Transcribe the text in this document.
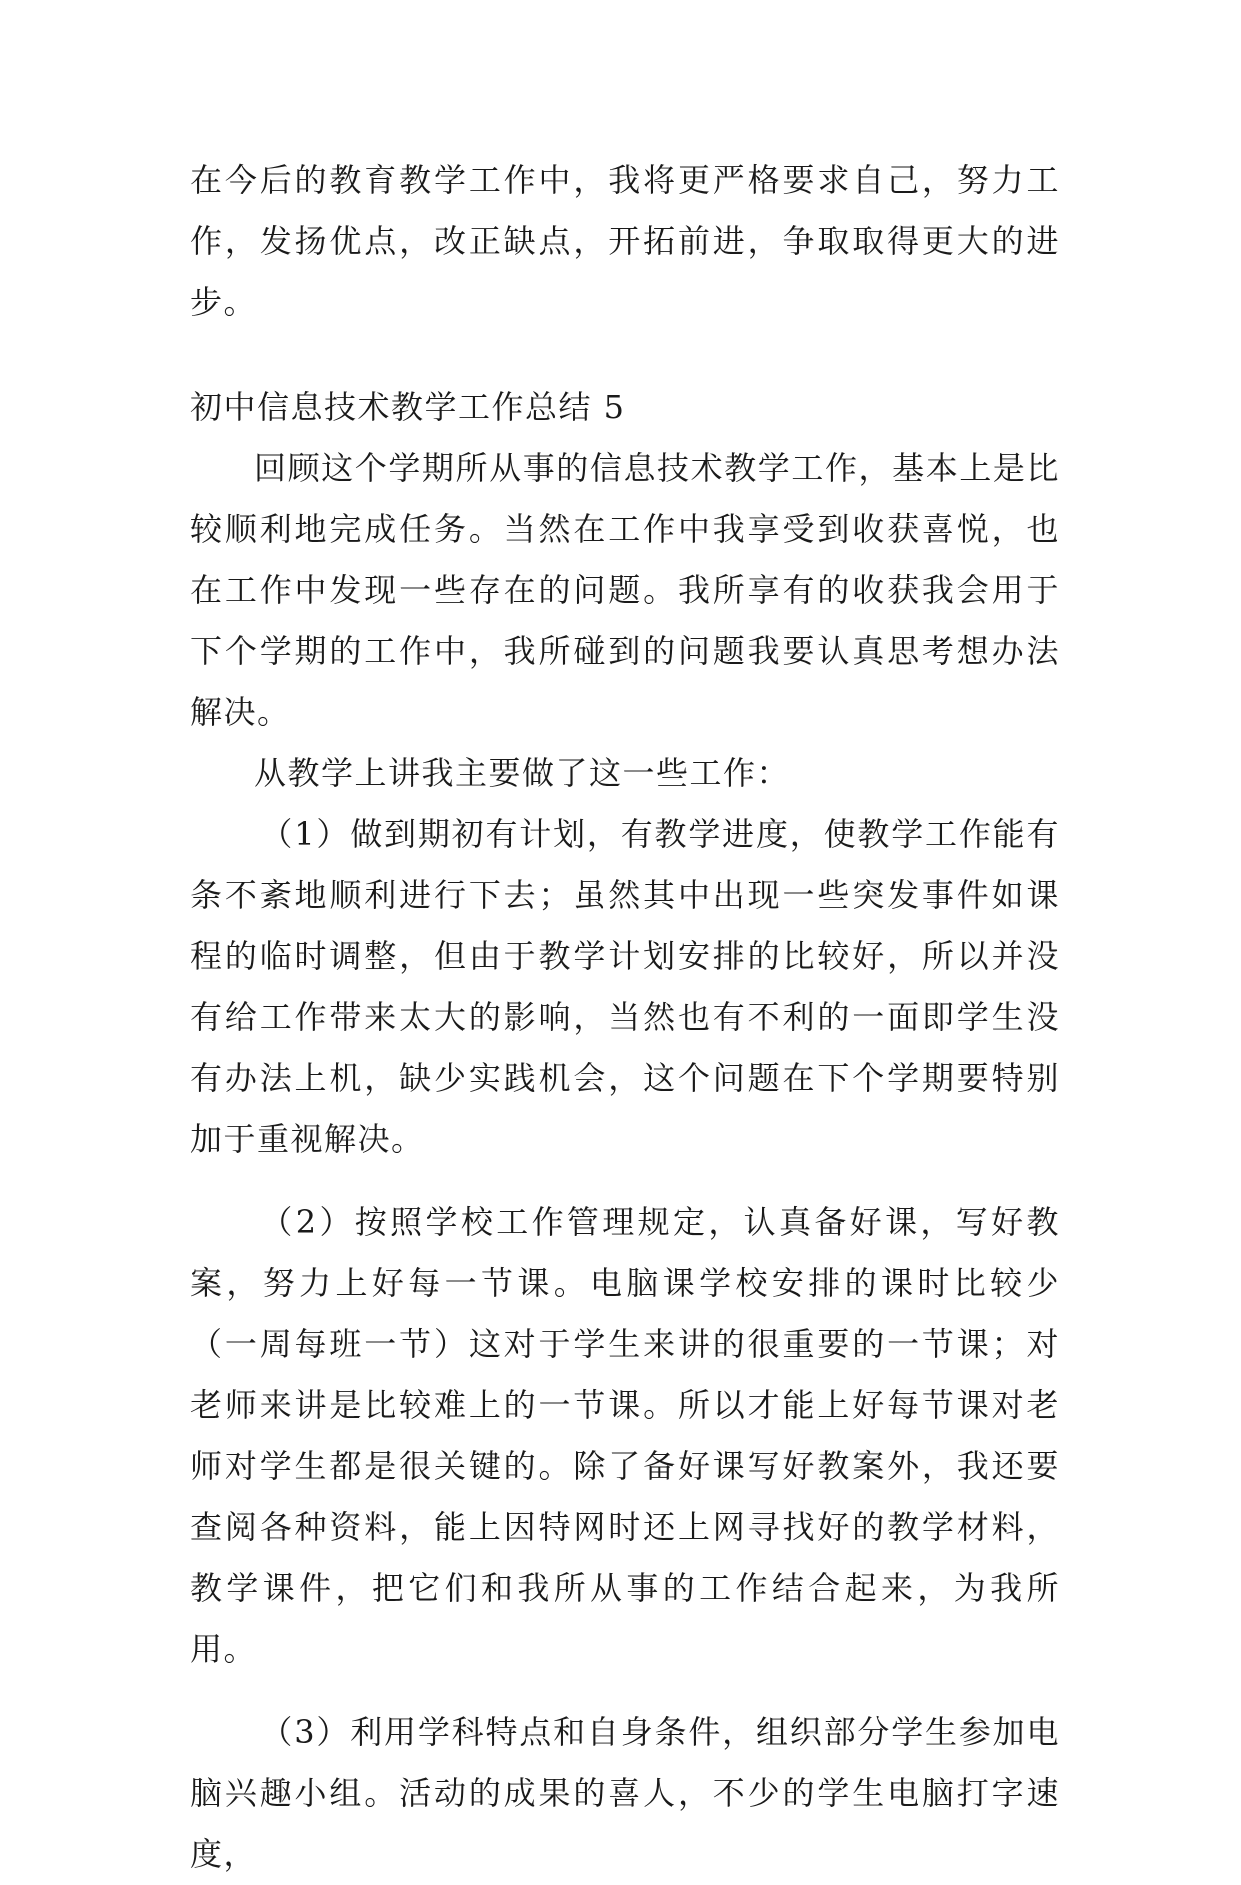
在今后的教育教学工作中，我将更严格要求自己，努力工作，发扬优点，改正缺点，开拓前进，争取取得更大的进步。

初中信息技术教学工作总结 5

回顾这个学期所从事的信息技术教学工作，基本上是比较顺利地完成任务。当然在工作中我享受到收获喜悦，也在工作中发现一些存在的问题。我所享有的收获我会用于下个学期的工作中，我所碰到的问题我要认真思考想办法解决。

从教学上讲我主要做了这一些工作：

（1）做到期初有计划，有教学进度，使教学工作能有条不紊地顺利进行下去；虽然其中出现一些突发事件如课程的临时调整，但由于教学计划安排的比较好，所以并没有给工作带来太大的影响，当然也有不利的一面即学生没有办法上机，缺少实践机会，这个问题在下个学期要特别加于重视解决。

（2）按照学校工作管理规定，认真备好课，写好教案，努力上好每一节课。电脑课学校安排的课时比较少（一周每班一节）这对于学生来讲的很重要的一节课；对老师来讲是比较难上的一节课。所以才能上好每节课对老师对学生都是很关键的。除了备好课写好教案外，我还要查阅各种资料，能上因特网时还上网寻找好的教学材料，教学课件，把它们和我所从事的工作结合起来，为我所用。

（3）利用学科特点和自身条件，组织部分学生参加电脑兴趣小组。活动的成果的喜人，不少的学生电脑打字速度，
